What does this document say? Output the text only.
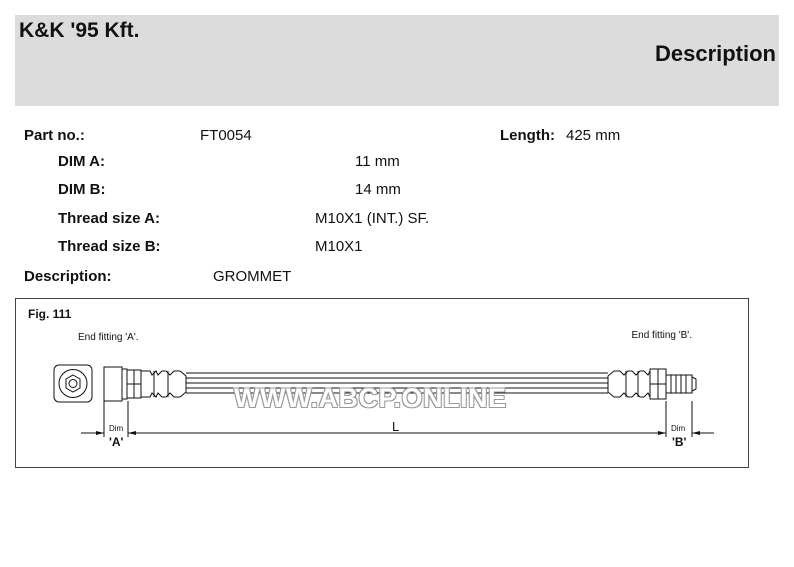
K&K '95 Kft.
Description
Part no.:	FT0054	Length: 425 mm
DIM A:	11 mm
DIM B:	14 mm
Thread size A:	M10X1 (INT.) SF.
Thread size B:	M10X1
Description:	GROMMET
Fig. 111
End fitting 'A'.	End fitting 'B'.
WWW.ABCP.ONLINE
Dim
'A'
Dim
'B'
L
